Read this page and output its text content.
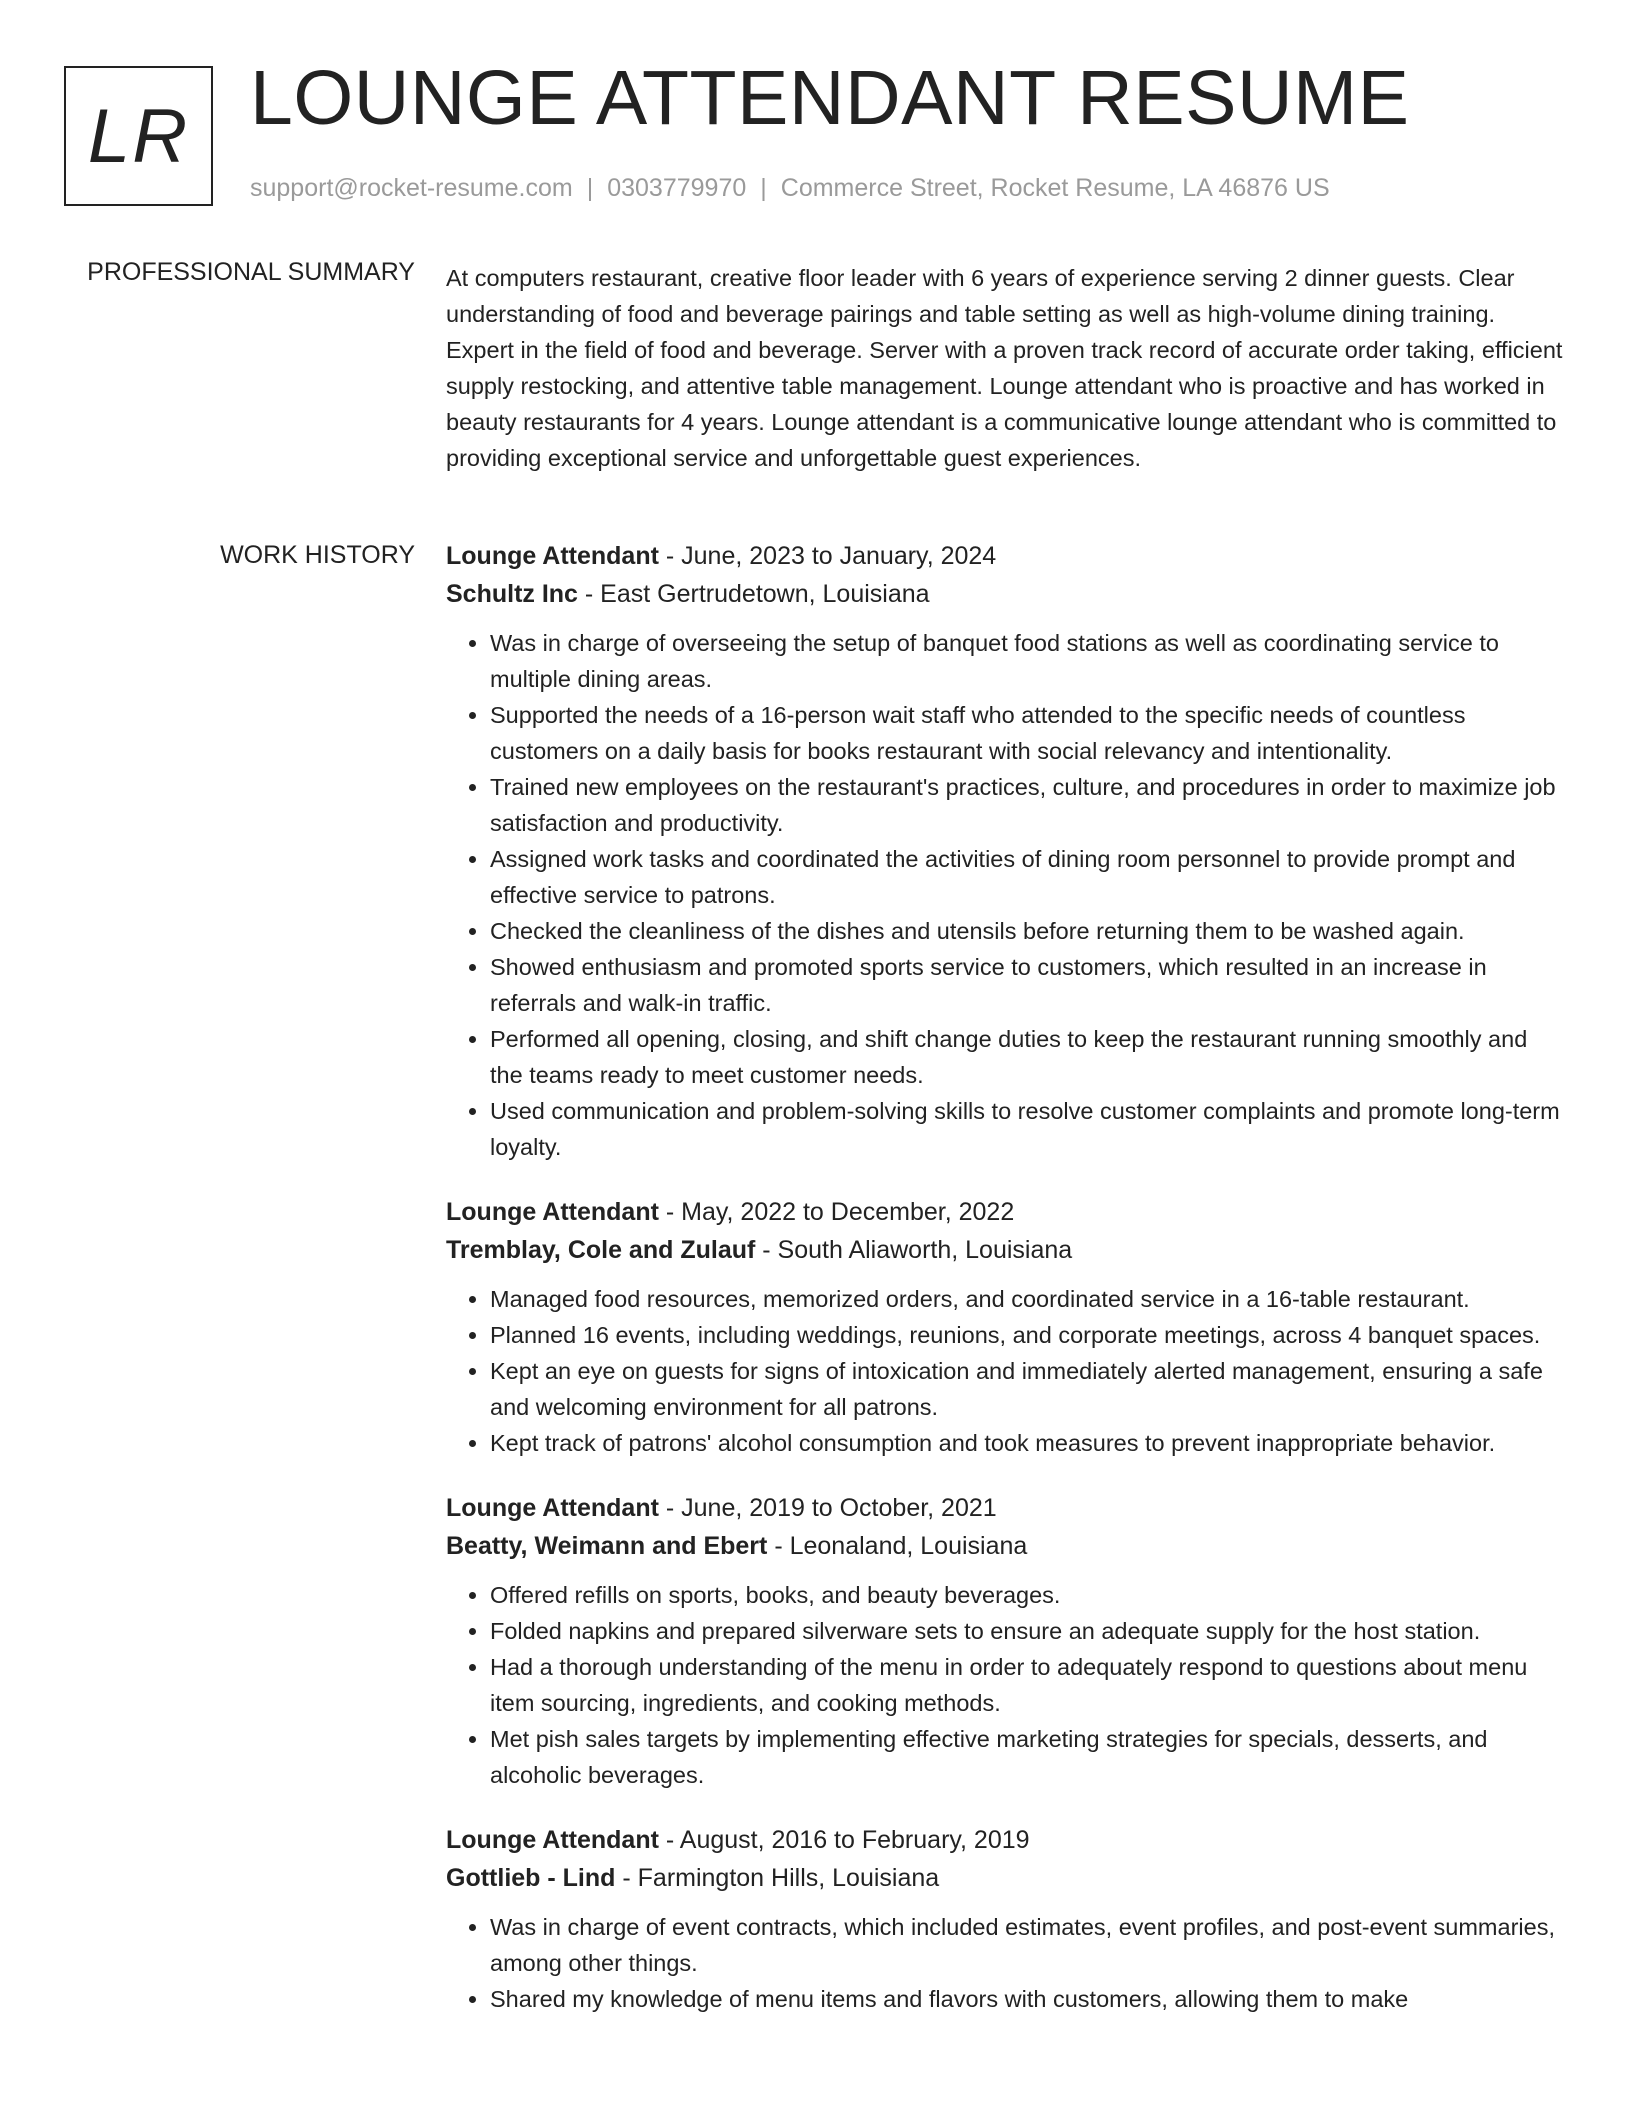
LR LOUNGE ATTENDANT RESUME
support@rocket-resume.com | 0303779970 | Commerce Street, Rocket Resume, LA 46876 US
PROFESSIONAL SUMMARY At computers restaurant, creative floor leader with 6 years of experience serving 2 dinner guests. Clear understanding of food and beverage pairings and table setting as well as high-volume dining training. Expert in the field of food and beverage. Server with a proven track record of accurate order taking, efficient supply restocking, and attentive table management. Lounge attendant who is proactive and has worked in beauty restaurants for 4 years. Lounge attendant is a communicative lounge attendant who is committed to providing exceptional service and unforgettable guest experiences.

WORK HISTORY Lounge Attendant - June, 2023 to January, 2024
Schultz Inc - East Gertrudetown, Louisiana
• Was in charge of overseeing the setup of banquet food stations as well as coordinating service to multiple dining areas.
• Supported the needs of a 16-person wait staff who attended to the specific needs of countless customers on a daily basis for books restaurant with social relevancy and intentionality.
• Trained new employees on the restaurant's practices, culture, and procedures in order to maximize job satisfaction and productivity.
• Assigned work tasks and coordinated the activities of dining room personnel to provide prompt and effective service to patrons.
• Checked the cleanliness of the dishes and utensils before returning them to be washed again.
• Showed enthusiasm and promoted sports service to customers, which resulted in an increase in referrals and walk-in traffic.
• Performed all opening, closing, and shift change duties to keep the restaurant running smoothly and the teams ready to meet customer needs.
• Used communication and problem-solving skills to resolve customer complaints and promote long-term loyalty.
Lounge Attendant - May, 2022 to December, 2022
Tremblay, Cole and Zulauf - South Aliaworth, Louisiana
• Managed food resources, memorized orders, and coordinated service in a 16-table restaurant.
• Planned 16 events, including weddings, reunions, and corporate meetings, across 4 banquet spaces.
• Kept an eye on guests for signs of intoxication and immediately alerted management, ensuring a safe and welcoming environment for all patrons.
• Kept track of patrons' alcohol consumption and took measures to prevent inappropriate behavior.
Lounge Attendant - June, 2019 to October, 2021
Beatty, Weimann and Ebert - Leonaland, Louisiana
• Offered refills on sports, books, and beauty beverages.
• Folded napkins and prepared silverware sets to ensure an adequate supply for the host station.
• Had a thorough understanding of the menu in order to adequately respond to questions about menu item sourcing, ingredients, and cooking methods.
• Met pish sales targets by implementing effective marketing strategies for specials, desserts, and alcoholic beverages.
Lounge Attendant - August, 2016 to February, 2019
Gottlieb - Lind - Farmington Hills, Louisiana
• Was in charge of event contracts, which included estimates, event profiles, and post-event summaries, among other things.
• Shared my knowledge of menu items and flavors with customers, allowing them to make
